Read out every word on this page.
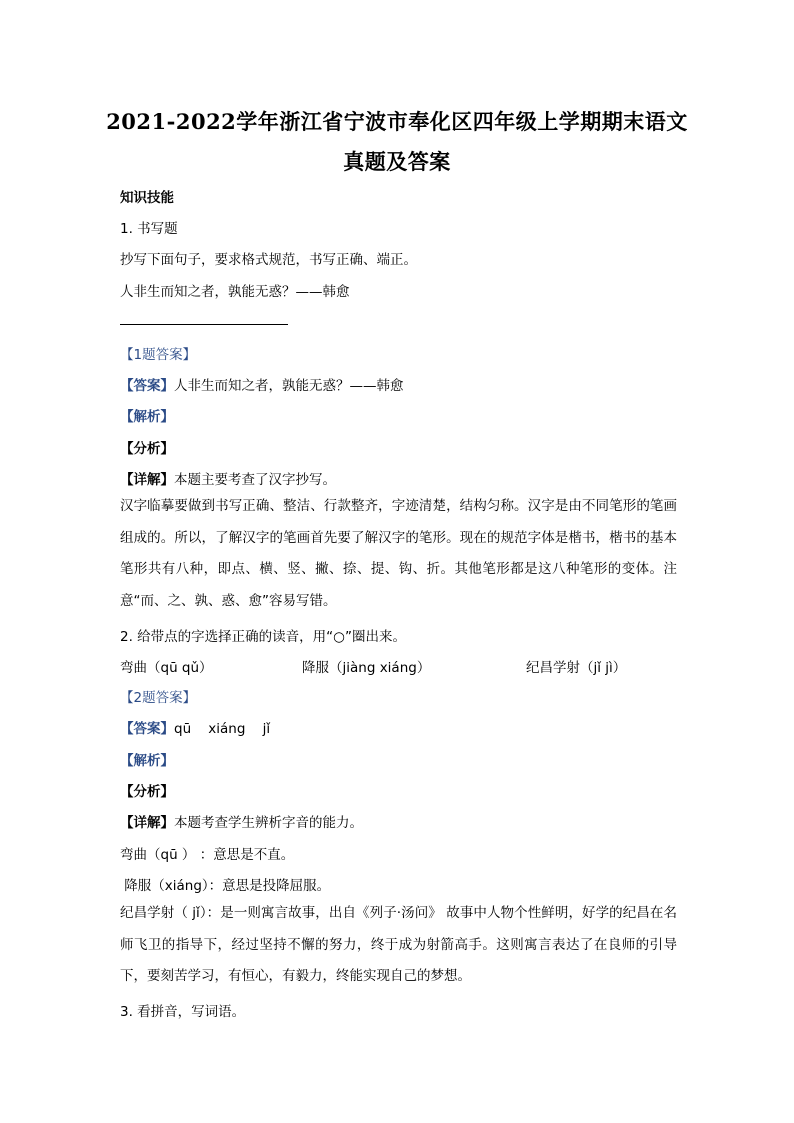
2021-2022学年浙江省宁波市奉化区四年级上学期期末语文
真题及答案
知识技能
1. 书写题
抄写下面句子，要求格式规范，书写正确、端正。
人非生而知之者，孰能无惑？——韩愈
【1题答案】
【答案】人非生而知之者，孰能无惑？——韩愈
【解析】
【分析】
【详解】本题主要考查了汉字抄写。
汉字临摹要做到书写正确、整洁、行款整齐，字迹清楚，结构匀称。汉字是由不同笔形的笔画组成的。所以，了解汉字的笔画首先要了解汉字的笔形。现在的规范字体是楷书，楷书的基本笔形共有八种，即点、横、竖、撇、捺、提、钩、折。其他笔形都是这八种笔形的变体。注意“而、之、孰、惑、愈”容易写错。
2. 给带点的字选择正确的读音，用“○”圈出来。
弯曲（qū qǔ）	降服（jiàng xiáng）	纪昌学射（jǐ jì）
【2题答案】
【答案】qū    xiáng    jǐ
【解析】
【分析】
【详解】本题考查学生辨析字音的能力。
弯曲（qū ） ：意思是不直。
降服（xiáng）：意思是投降屈服。
纪昌学射（ jǐ）：是一则寓言故事，出自《列子·汤问》 故事中人物个性鲜明，好学的纪昌在名师飞卫的指导下，经过坚持不懈的努力，终于成为射箭高手。这则寓言表达了在良师的引导下，要刻苦学习，有恒心，有毅力，终能实现自己的梦想。
3. 看拼音，写词语。
